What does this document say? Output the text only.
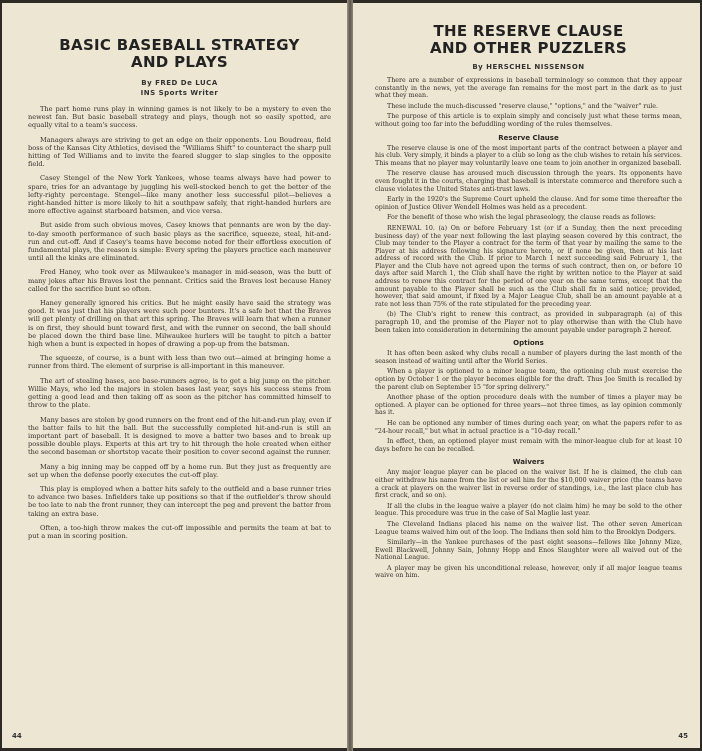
BASIC BASEBALL STRATEGY
AND PLAYS
By FRED De LUCA
INS Sports Writer

The part home runs play in winning games is not likely to be a mystery to even the newest fan. But basic baseball strategy and plays, though not so easily spotted, are equally vital to a team's success.

Managers always are striving to get an edge on their opponents. Lou Boudreau, field boss of the Kansas City Athletics, devised the "Williams Shift" to counteract the sharp pull hitting of Ted Williams and to invite the feared slugger to slap singles to the opposite field.

Casey Stengel of the New York Yankees, whose teams always have had power to spare, tries for an advantage by juggling his well-stocked bench to get the better of the lefty-righty percentage. Stengel—like many another less successful pilot—believes a right-handed hitter is more likely to hit a southpaw safely, that right-handed hurlers are more effective against starboard batsmen, and vice versa.

But aside from such obvious moves, Casey knows that pennants are won by the day-to-day smooth performance of such basic plays as the sacrifice, squeeze, steal, hit-and-run and cut-off. And if Casey's teams have become noted for their effortless execution of fundamental plays, the reason is simple: Every spring the players practice each maneuver until all the kinks are eliminated.

Fred Haney, who took over as Milwaukee's manager in mid-season, was the butt of many jokes after his Braves lost the pennant. Critics said the Braves lost because Haney called for the sacrifice bunt so often.

Haney generally ignored his critics. But he might easily have said the strategy was good. It was just that his players were such poor bunters. It's a safe bet that the Braves will get plenty of drilling on that art this spring. The Braves will learn that when a runner is on first, they should bunt toward first, and with the runner on second, the ball should be placed down the third base line. Milwaukee hurlers will be taught to pitch a batter high when a bunt is expected in hopes of drawing a pop-up from the batsman.

The squeeze, of course, is a bunt with less than two out—aimed at bringing home a runner from third. The element of surprise is all-important in this maneuver.

The art of stealing bases, ace base-runners agree, is to get a big jump on the pitcher. Willie Mays, who led the majors in stolen bases last year, says his success stems from getting a good lead and then taking off as soon as the pitcher has committed himself to throw to the plate.

Many bases are stolen by good runners on the front end of the hit-and-run play, even if the batter fails to hit the ball. But the successfully completed hit-and-run is still an important part of baseball. It is designed to move a batter two bases and to break up possible double plays. Experts at this art try to hit through the hole created when either the second baseman or shortstop vacate their position to cover second against the runner.

Many a big inning may be capped off by a home run. But they just as frequently are set up when the defense poorly executes the cut-off play.

This play is employed when a batter hits safely to the outfield and a base runner tries to advance two bases. Infielders take up positions so that if the outfielder's throw should be too late to nab the front runner, they can intercept the peg and prevent the batter from taking an extra base.

Often, a too-high throw makes the cut-off impossible and permits the team at bat to put a man in scoring position.

44
THE RESERVE CLAUSE
AND OTHER PUZZLERS
By HERSCHEL NISSENSON

There are a number of expressions in baseball terminology so common that they appear constantly in the news, yet the average fan remains for the most part in the dark as to just what they mean.

These include the much-discussed "reserve clause," "options," and the "waiver" rule.

The purpose of this article is to explain simply and concisely just what these terms mean, without going too far into the befuddling wording of the rules themselves.

Reserve Clause

The reserve clause is one of the most important parts of the contract between a player and his club. Very simply, it binds a player to a club so long as the club wishes to retain his services. This means that no player may voluntarily leave one team to join another in organized baseball.

The reserve clause has aroused much discussion through the years. Its opponents have even fought it in the courts, charging that baseball is interstate commerce and therefore such a clause violates the United States anti-trust laws.

Early in the 1920's the Supreme Court upheld the clause. And for some time thereafter the opinion of Justice Oliver Wendell Holmes was held as a precedent.

For the benefit of those who wish the legal phraseology, the clause reads as follows:

RENEWAL 10. (a) On or before February 1st (or if a Sunday, then the next preceding business day) of the year next following the last playing season covered by this contract, the Club may tender to the Player a contract for the term of that year by mailing the same to the Player at his address following his signature hereto, or if none be given, then at his last address of record with the Club. If prior to March 1 next succeeding said February 1, the Player and the Club have not agreed upon the terms of such contract, then on, or before 10 days after said March 1, the Club shall have the right by written notice to the Player at said address to renew this contract for the period of one year on the same terms, except that the amount payable to the Player shall be such as the Club shall fix in said notice; provided, however, that said amount, if fixed by a Major League Club, shall be an amount payable at a rate not less than 75% of the rate stipulated for the preceding year.

(b) The Club's right to renew this contract, as provided in subparagraph (a) of this paragraph 10, and the promise of the Player not to play otherwise than with the Club have been taken into consideration in determining the amount payable under paragraph 2 hereof.

Options

It has often been asked why clubs recall a number of players during the last month of the season instead of waiting until after the World Series.

When a player is optioned to a minor league team, the optioning club must exercise the option by October 1 or the player becomes eligible for the draft. Thus Joe Smith is recalled by the parent club on September 15 "for spring delivery."

Another phase of the option procedure deals with the number of times a player may be optioned. A player can be optioned for three years—not three times, as lay opinion commonly has it.

He can be optioned any number of times during each year, on what the papers refer to as "24-hour recall," but what in actual practice is a "10-day recall."

In effect, then, an optioned player must remain with the minor-league club for at least 10 days before he can be recalled.

Waivers

Any major league player can be placed on the waiver list. If he is claimed, the club can either withdraw his name from the list or sell him for the $10,000 waiver price (the teams have a crack at players on the waiver list in reverse order of standings, i.e., the last place club has first crack, and so on).

If all the clubs in the league waive a player (do not claim him) he may be sold to the other league. This procedure was true in the case of Sal Maglie last year.

The Cleveland Indians placed his name on the waiver list. The other seven American League teams waived him out of the loop. The Indians then sold him to the Brooklyn Dodgers.

Similarly—in the Yankee purchases of the past eight seasons—fellows like Johnny Mize, Ewell Blackwell, Johnny Sain, Johnny Hopp and Enos Slaughter were all waived out of the National League.

A player may be given his unconditional release, however, only if all major league teams waive on him.

45
